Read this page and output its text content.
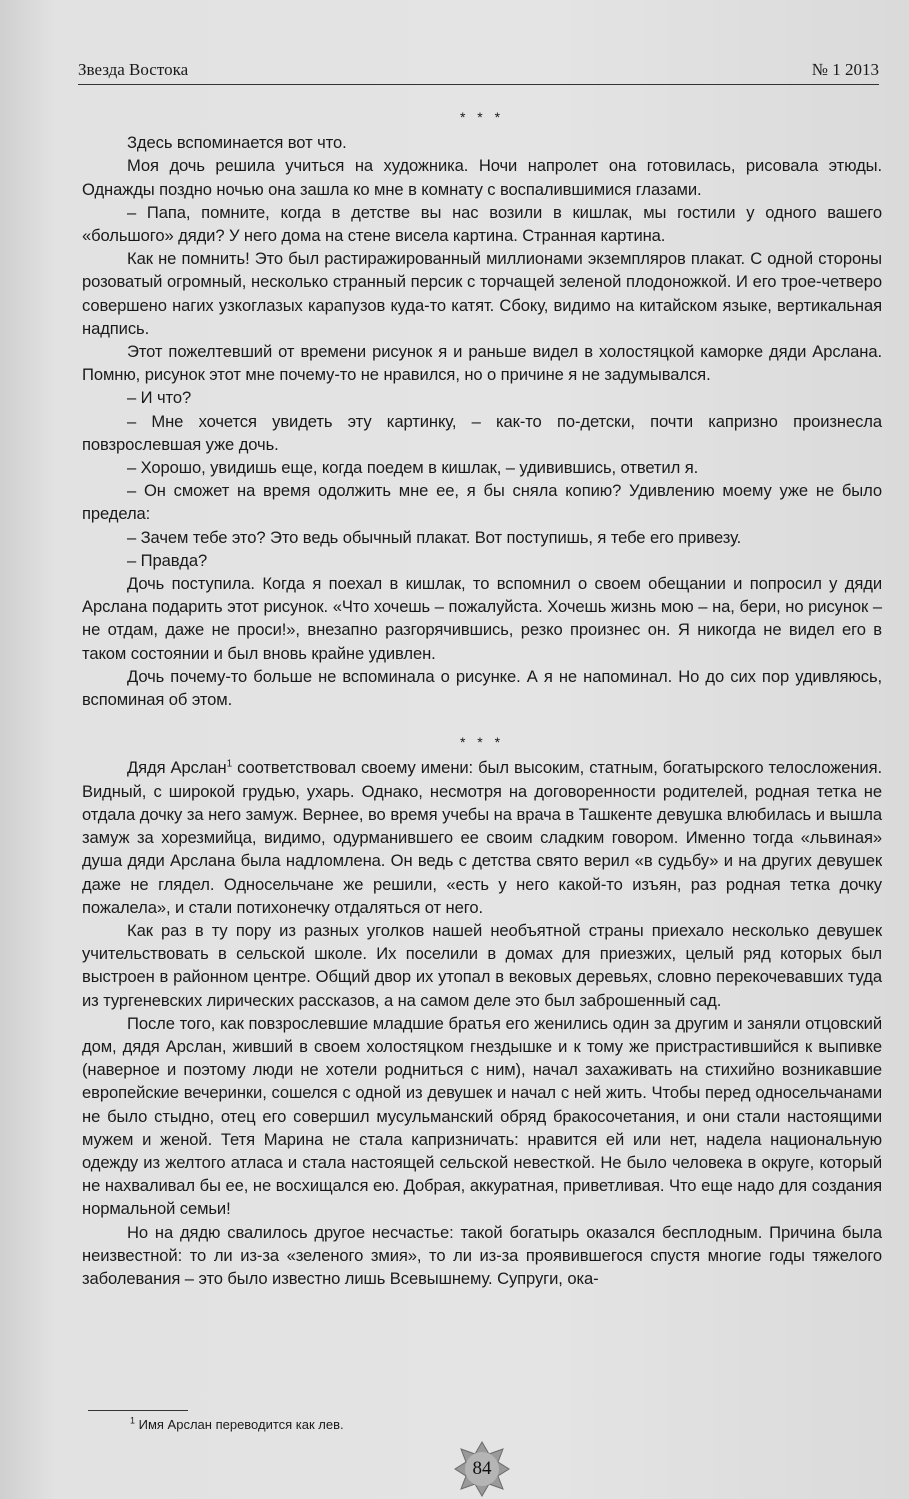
Звезда Востока	№ 1 2013

* * *

Здесь вспоминается вот что.

Моя дочь решила учиться на художника. Ночи напролет она готовилась, рисовала этюды. Однажды поздно ночью она зашла ко мне в комнату с воспалившимися глазами.

– Папа, помните, когда в детстве вы нас возили в кишлак, мы гостили у одного вашего «большого» дяди? У него дома на стене висела картина. Странная картина.

Как не помнить! Это был растиражированный миллионами экземпляров плакат. С одной стороны розоватый огромный, несколько странный персик с торчащей зеленой плодоножкой. И его трое-четверо совершено нагих узкоглазых карапузов куда-то катят. Сбоку, видимо на китайском языке, вертикальная надпись.

Этот пожелтевший от времени рисунок я и раньше видел в холостяцкой каморке дяди Арслана. Помню, рисунок этот мне почему-то не нравился, но о причине я не задумывался.

– И что?

– Мне хочется увидеть эту картинку, – как-то по-детски, почти капризно произнесла повзрослевшая уже дочь.

– Хорошо, увидишь еще, когда поедем в кишлак, – удивившись, ответил я.

– Он сможет на время одолжить мне ее, я бы сняла копию? Удивлению моему уже не было предела:

– Зачем тебе это? Это ведь обычный плакат. Вот поступишь, я тебе его привезу.

– Правда?

Дочь поступила. Когда я поехал в кишлак, то вспомнил о своем обещании и попросил у дяди Арслана подарить этот рисунок. «Что хочешь – пожалуйста. Хочешь жизнь мою – на, бери, но рисунок – не отдам, даже не проси!», внезапно разгорячившись, резко произнес он. Я никогда не видел его в таком состоянии и был вновь крайне удивлен.

Дочь почему-то больше не вспоминала о рисунке. А я не напоминал. Но до сих пор удивляюсь, вспоминая об этом.

* * *

Дядя Арслан$^1$ соответствовал своему имени: был высоким, статным, богатырского телосложения. Видный, с широкой грудью, ухарь. Однако, несмотря на договоренности родителей, родная тетка не отдала дочку за него замуж. Вернее, во время учебы на врача в Ташкенте девушка влюбилась и вышла замуж за хорезмийца, видимо, одурманившего ее своим сладким говором. Именно тогда «львиная» душа дяди Арслана была надломлена. Он ведь с детства свято верил «в судьбу» и на других девушек даже не глядел. Односельчане же решили, «есть у него какой-то изъян, раз родная тетка дочку пожалела», и стали потихонечку отдаляться от него.

Как раз в ту пору из разных уголков нашей необъятной страны приехало несколько девушек учительствовать в сельской школе. Их поселили в домах для приезжих, целый ряд которых был выстроен в районном центре. Общий двор их утопал в вековых деревьях, словно перекочевавших туда из тургеневских лирических рассказов, а на самом деле это был заброшенный сад.

После того, как повзрослевшие младшие братья его женились один за другим и заняли отцовский дом, дядя Арслан, живший в своем холостяцком гнездышке и к тому же пристрастившийся к выпивке (наверное и поэтому люди не хотели родниться с ним), начал захаживать на стихийно возникавшие европейские вечеринки, сошелся с одной из девушек и начал с ней жить. Чтобы перед односельчанами не было стыдно, отец его совершил мусульманский обряд бракосочетания, и они стали настоящими мужем и женой. Тетя Марина не стала капризничать: нравится ей или нет, надела национальную одежду из желтого атласа и стала настоящей сельской невесткой. Не было человека в округе, который не нахваливал бы ее, не восхищался ею. Добрая, аккуратная, приветливая. Что еще надо для создания нормальной семьи!

Но на дядю свалилось другое несчастье: такой богатырь оказался бесплодным. Причина была неизвестной: то ли из-за «зеленого змия», то ли из-за проявившегося спустя многие годы тяжелого заболевания – это было известно лишь Всевышнему. Супруги, ока-

$^1$ Имя Арслан переводится как лев.
84
